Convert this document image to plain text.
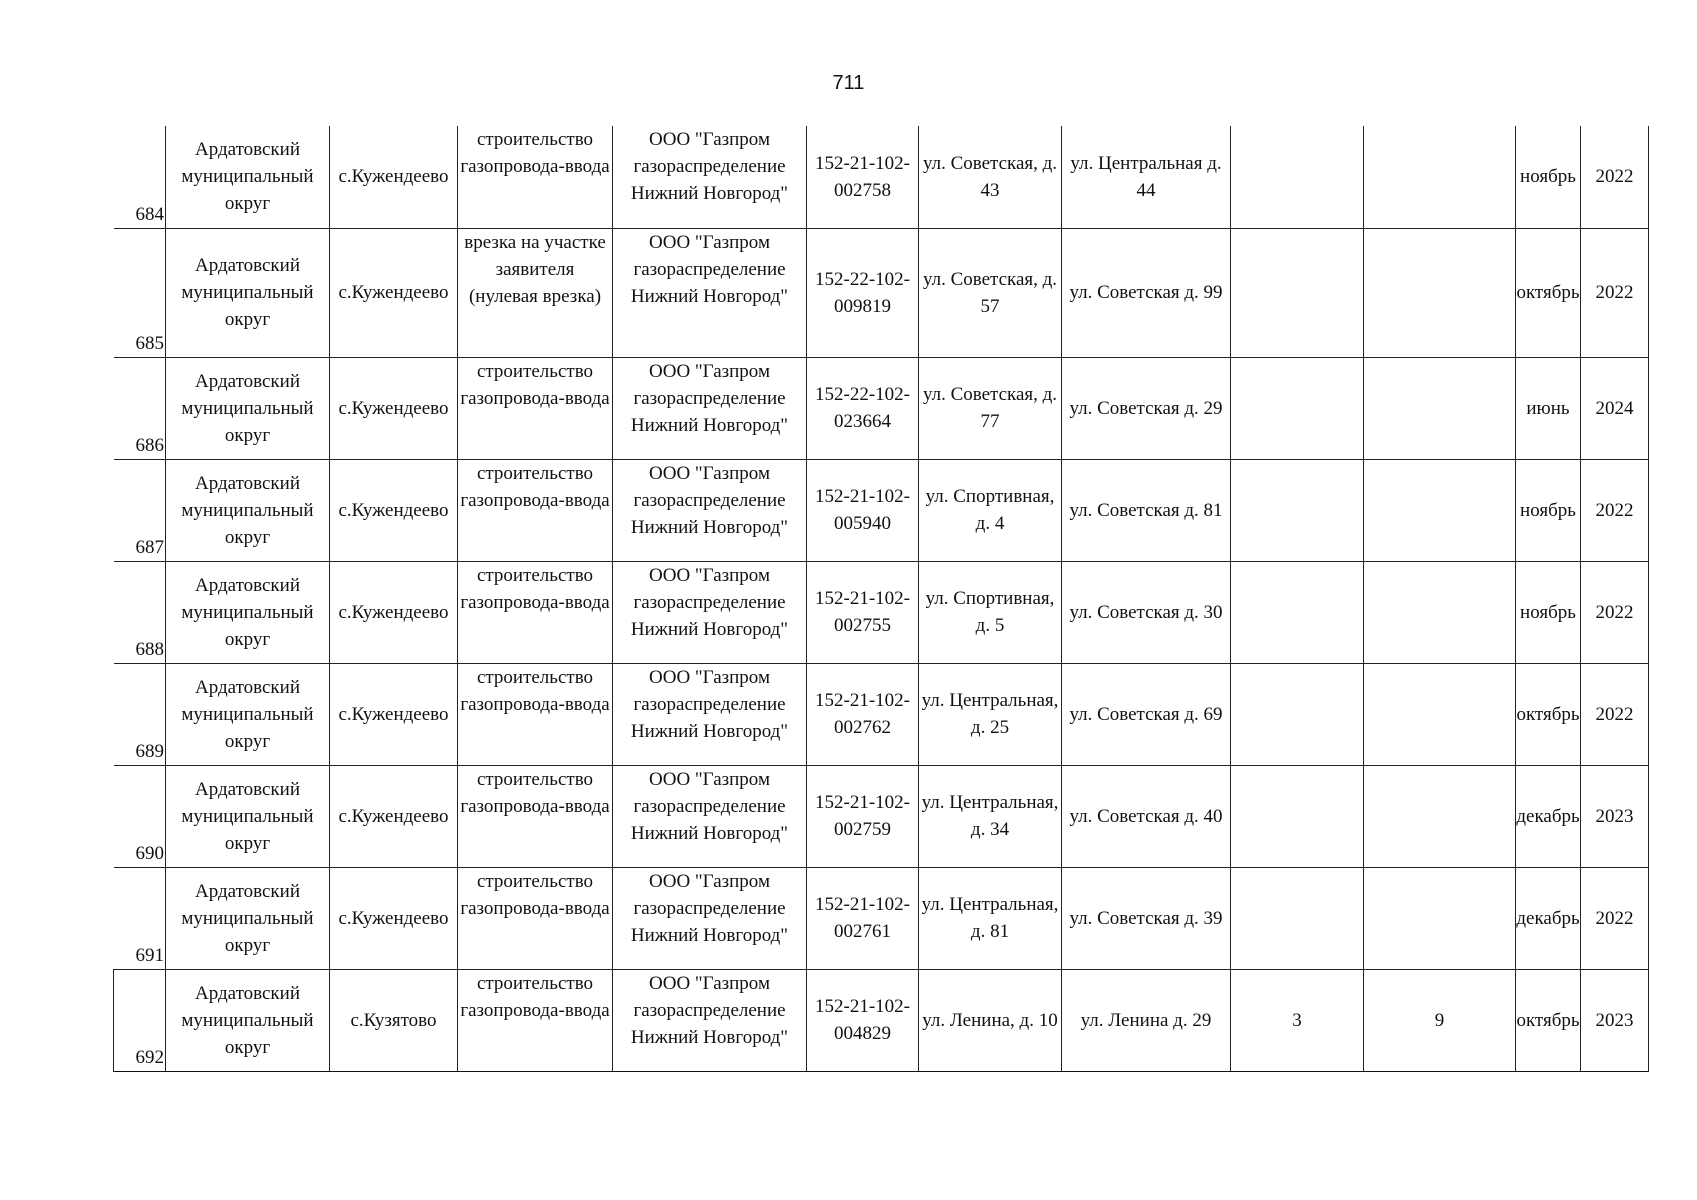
711
684	Ардатовский муниципальный округ	с.Кужендеево	строительство газопровода-ввода	ООО "Газпром газораспределение Нижний Новгород"	152-21-102-002758	ул. Советская, д. 43	ул. Центральная д. 44			ноябрь	2022
685	Ардатовский муниципальный округ	с.Кужендеево	врезка на участке заявителя (нулевая врезка)	ООО "Газпром газораспределение Нижний Новгород"	152-22-102-009819	ул. Советская, д. 57	ул. Советская д. 99			октябрь	2022
686	Ардатовский муниципальный округ	с.Кужендеево	строительство газопровода-ввода	ООО "Газпром газораспределение Нижний Новгород"	152-22-102-023664	ул. Советская, д. 77	ул. Советская д. 29			июнь	2024
687	Ардатовский муниципальный округ	с.Кужендеево	строительство газопровода-ввода	ООО "Газпром газораспределение Нижний Новгород"	152-21-102-005940	ул. Спортивная, д. 4	ул. Советская д. 81			ноябрь	2022
688	Ардатовский муниципальный округ	с.Кужендеево	строительство газопровода-ввода	ООО "Газпром газораспределение Нижний Новгород"	152-21-102-002755	ул. Спортивная, д. 5	ул. Советская д. 30			ноябрь	2022
689	Ардатовский муниципальный округ	с.Кужендеево	строительство газопровода-ввода	ООО "Газпром газораспределение Нижний Новгород"	152-21-102-002762	ул. Центральная, д. 25	ул. Советская д. 69			октябрь	2022
690	Ардатовский муниципальный округ	с.Кужендеево	строительство газопровода-ввода	ООО "Газпром газораспределение Нижний Новгород"	152-21-102-002759	ул. Центральная, д. 34	ул. Советская д. 40			декабрь	2023
691	Ардатовский муниципальный округ	с.Кужендеево	строительство газопровода-ввода	ООО "Газпром газораспределение Нижний Новгород"	152-21-102-002761	ул. Центральная, д. 81	ул. Советская д. 39			декабрь	2022
692	Ардатовский муниципальный округ	с.Кузятово	строительство газопровода-ввода	ООО "Газпром газораспределение Нижний Новгород"	152-21-102-004829	ул. Ленина, д. 10	ул. Ленина д. 29	3	9	октябрь	2023
